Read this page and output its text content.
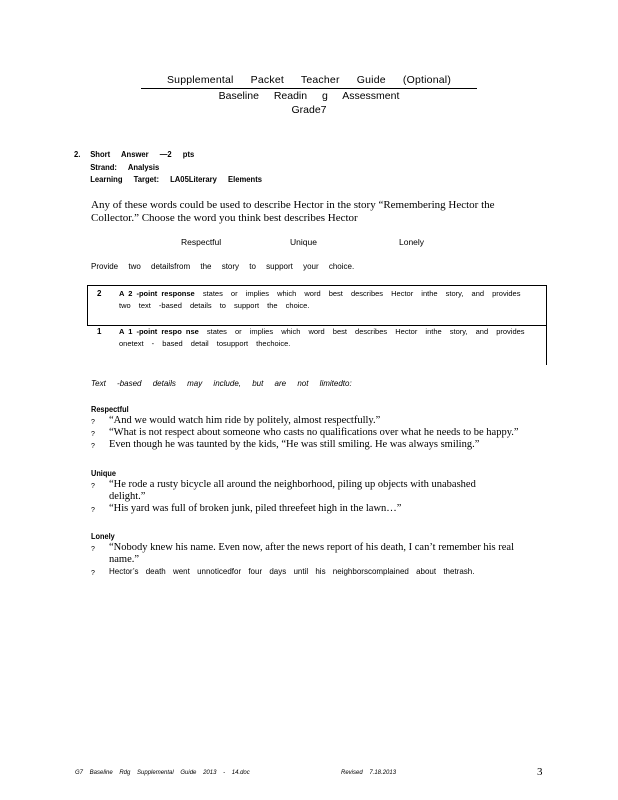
Supplemental Packet Teacher Guide (Optional)
Baseline Readin g Assessment
Grade7
2. Short Answer —2 pts
Strand: Analysis
Learning Target: LA05Literary Elements
Any of these words could be used to describe Hector in the story “Remembering Hector the Collector.” Choose the word you think best describes Hector
Respectful	Unique	Lonely
Provide two detailsfrom the story to support your choice.
2 A 2 -point response states or implies which word best describes Hector inthe story, and provides two text -based details to support the choice.
1 A 1 -point respo nse states or implies which word best describes Hector inthe story, and provides onetext - based detail tosupport thechoice.
Text -based details may include, but are not limitedto:
Respectful
? “And we would watch him ride by politely, almost respectfully.”
? “What is not respect about someone who casts no qualifications over what he needs to be happy.”
? Even though he was taunted by the kids, “He was still smiling. He was always smiling.”
Unique
? “He rode a rusty bicycle all around the neighborhood, piling up objects with unabashed
delight.”
? “His yard was full of broken junk, piled threefeet high in the lawn…”
Lonely
? “Nobody knew his name. Even now, after the news report of his death, I can’t remember his real
name.”
? Hector’s death went unnoticedfor four days until his neighborscomplained about thetrash.
G7 Baseline Rdg Supplemental Guide 2013 - 14.doc	Revised 7.18.2013	3
